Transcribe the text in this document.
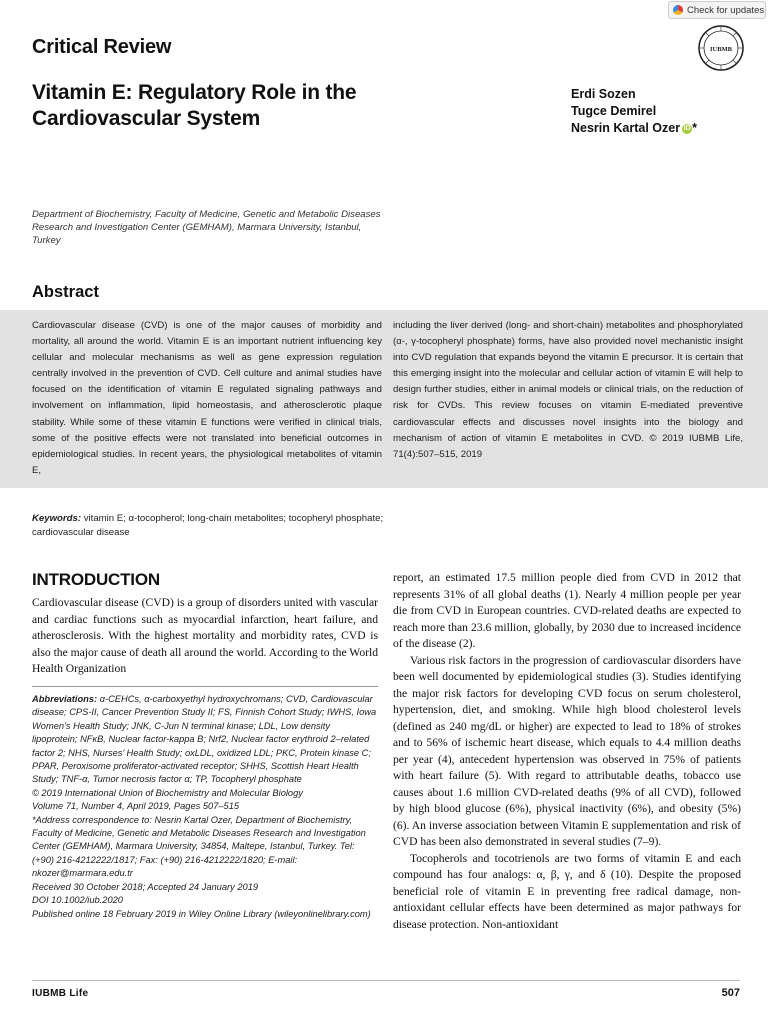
Check for updates
Critical Review
Vitamin E: Regulatory Role in the Cardiovascular System
Erdi Sozen
Tugce Demirel
Nesrin Kartal Ozer iD *
IUBMB
Department of Biochemistry, Faculty of Medicine, Genetic and Metabolic Diseases Research and Investigation Center (GEMHAM), Marmara University, Istanbul, Turkey
Abstract
Cardiovascular disease (CVD) is one of the major causes of morbidity and mortality, all around the world. Vitamin E is an important nutrient influencing key cellular and molecular mechanisms as well as gene expression regulation centrally involved in the prevention of CVD. Cell culture and animal studies have focused on the identification of vitamin E regulated signaling pathways and involvement on inflammation, lipid homeostasis, and atherosclerotic plaque stability. While some of these vitamin E functions were verified in clinical trials, some of the positive effects were not translated into beneficial outcomes in epidemiological studies. In recent years, the physiological metabolites of vitamin E,
including the liver derived (long- and short-chain) metabolites and phosphorylated (α-, γ-tocopheryl phosphate) forms, have also provided novel mechanistic insight into CVD regulation that expands beyond the vitamin E precursor. It is certain that this emerging insight into the molecular and cellular action of vitamin E will help to design further studies, either in animal models or clinical trials, on the reduction of risk for CVDs. This review focuses on vitamin E-mediated preventive cardiovascular effects and discusses novel insights into the biology and mechanism of action of vitamin E metabolites in CVD. © 2019 IUBMB Life, 71(4):507–515, 2019
Keywords: vitamin E; α-tocopherol; long-chain metabolites; tocopheryl phosphate; cardiovascular disease
INTRODUCTION
Cardiovascular disease (CVD) is a group of disorders united with vascular and cardiac functions such as myocardial infarction, heart failure, and atherosclerosis. With the highest mortality and morbidity rates, CVD is also the major cause of death all around the world. According to the World Health Organization

Abbreviations: α-CEHCs, α-carboxyethyl hydroxychromans; CVD, Cardiovascular disease; CPS-II, Cancer Prevention Study II; FS, Finnish Cohort Study; IWHS, Iowa Women’s Health Study; JNK, C-Jun N terminal kinase; LDL, Low density lipoprotein; NFκB, Nuclear factor-kappa B; Nrf2, Nuclear factor erythroid 2–related factor 2; NHS, Nurses’ Health Study; oxLDL, oxidized LDL; PKC, Protein kinase C; PPAR, Peroxisome proliferator-activated receptor; SHHS, Scottish Heart Health Study; TNF-α, Tumor necrosis factor α; TP, Tocopheryl phosphate

© 2019 International Union of Biochemistry and Molecular Biology

Volume 71, Number 4, April 2019, Pages 507–515

*Address correspondence to: Nesrin Kartal Ozer, Department of Biochemistry, Faculty of Medicine, Genetic and Metabolic Diseases Research and Investigation Center (GEMHAM), Marmara University, 34854, Maltepe, Istanbul, Turkey. Tel: (+90) 216-4212222/1817; Fax: (+90) 216-4212222/1820; E-mail: nkozer@marmara.edu.tr

Received 30 October 2018; Accepted 24 January 2019

DOI 10.1002/iub.2020

Published online 18 February 2019 in Wiley Online Library (wileyonlinelibrary.com)

report, an estimated 17.5 million people died from CVD in 2012 that represents 31% of all global deaths (1). Nearly 4 million people per year die from CVD in European countries. CVD-related deaths are expected to reach more than 23.6 million, globally, by 2030 due to increased incidence of the disease (2).

Various risk factors in the progression of cardiovascular disorders have been well documented by epidemiological studies (3). Studies identifying the major risk factors for developing CVD focus on serum cholesterol, hypertension, diet, and smoking. While high blood cholesterol levels (defined as 240 mg/dL or higher) are expected to lead to 18% of strokes and to 56% of ischemic heart disease, which equals to 4.4 million deaths per year (4), antecedent hypertension was observed in 75% of patients with heart failure (5). With regard to attributable deaths, tobacco use causes about 1.6 million CVD-related deaths (9% of all CVD), followed by high blood glucose (6%), physical inactivity (6%), and obesity (5%) (6). An inverse association between Vitamin E supplementation and risk of CVD has been also demonstrated in several studies (7–9).

Tocopherols and tocotrienols are two forms of vitamin E and each compound has four analogs: α, β, γ, and δ (10). Despite the proposed beneficial role of vitamin E in preventing free radical damage, non-antioxidant cellular effects have been determined as major pathways for disease protection. Non-antioxidant

IUBMB Life	507
